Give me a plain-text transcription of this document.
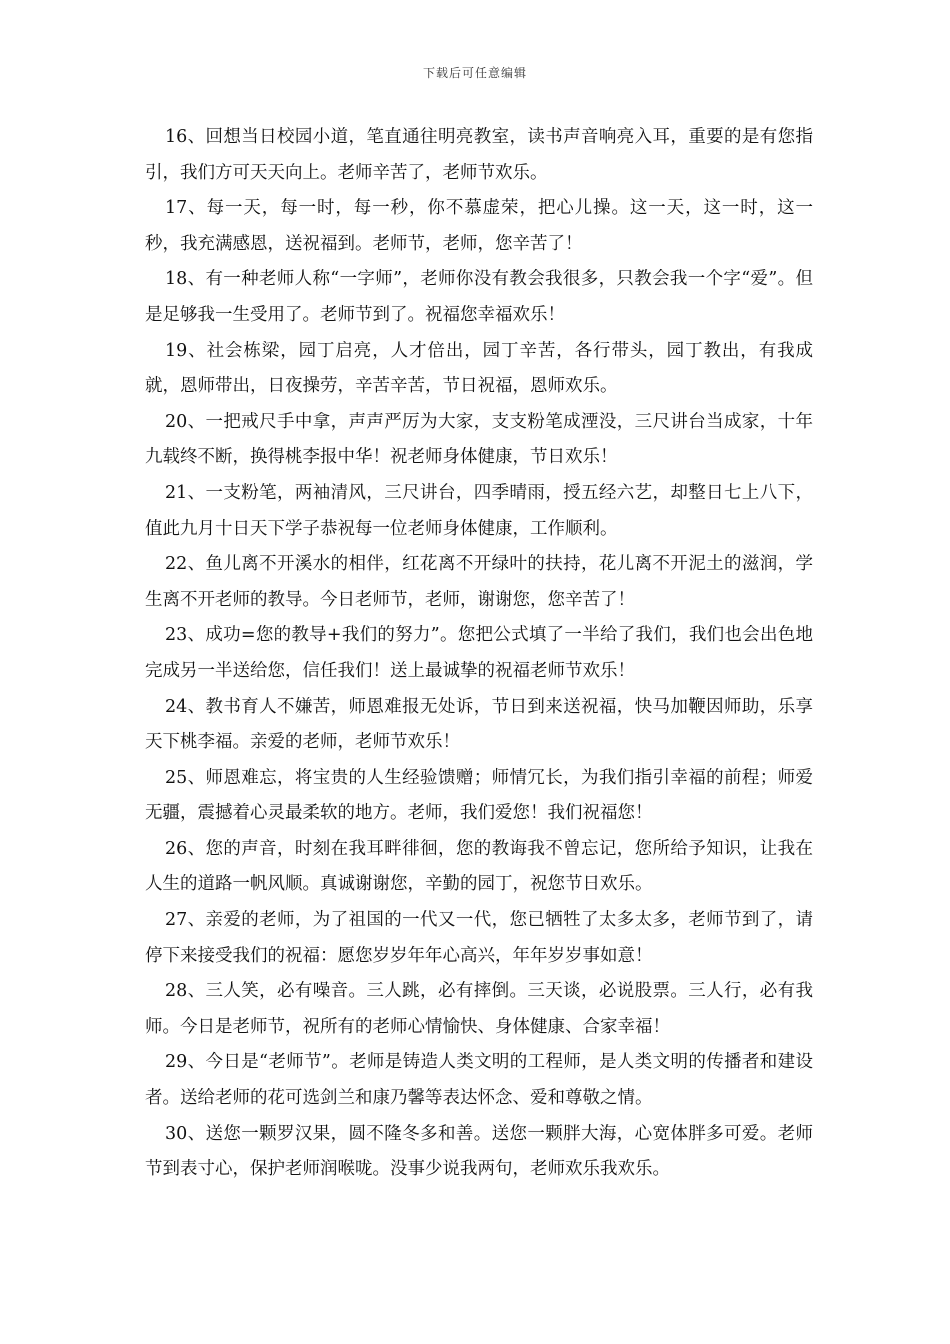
下载后可任意编辑

16、回想当日校园小道，笔直通往明亮教室，读书声音响亮入耳，重要的是有您指引，我们方可天天向上。老师辛苦了，老师节欢乐。

17、每一天，每一时，每一秒，你不慕虚荣，把心儿操。这一天，这一时，这一秒，我充满感恩，送祝福到。老师节，老师，您辛苦了！

18、有一种老师人称“一字师”，老师你没有教会我很多，只教会我一个字“爱”。但是足够我一生受用了。老师节到了。祝福您幸福欢乐！

19、社会栋梁，园丁启亮，人才倍出，园丁辛苦，各行带头，园丁教出，有我成就，恩师带出，日夜操劳，辛苦辛苦，节日祝福，恩师欢乐。

20、一把戒尺手中拿，声声严厉为大家，支支粉笔成湮没，三尺讲台当成家，十年九载终不断，换得桃李报中华！祝老师身体健康，节日欢乐！

21、一支粉笔，两袖清风，三尺讲台，四季晴雨，授五经六艺，却整日七上八下，值此九月十日天下学子恭祝每一位老师身体健康，工作顺利。

22、鱼儿离不开溪水的相伴，红花离不开绿叶的扶持，花儿离不开泥土的滋润，学生离不开老师的教导。今日老师节，老师，谢谢您，您辛苦了！

23、成功=您的教导+我们的努力”。您把公式填了一半给了我们，我们也会出色地完成另一半送给您，信任我们！送上最诚挚的祝福老师节欢乐！

24、教书育人不嫌苦，师恩难报无处诉，节日到来送祝福，快马加鞭因师助，乐享天下桃李福。亲爱的老师，老师节欢乐！

25、师恩难忘，将宝贵的人生经验馈赠；师情冗长，为我们指引幸福的前程；师爱无疆，震撼着心灵最柔软的地方。老师，我们爱您！我们祝福您！

26、您的声音，时刻在我耳畔徘徊，您的教诲我不曾忘记，您所给予知识，让我在人生的道路一帆风顺。真诚谢谢您，辛勤的园丁，祝您节日欢乐。

27、亲爱的老师，为了祖国的一代又一代，您已牺牲了太多太多，老师节到了，请停下来接受我们的祝福：愿您岁岁年年心高兴，年年岁岁事如意！

28、三人笑，必有噪音。三人跳，必有摔倒。三天谈，必说股票。三人行，必有我师。今日是老师节，祝所有的老师心情愉快、身体健康、合家幸福！

29、今日是“老师节”。老师是铸造人类文明的工程师，是人类文明的传播者和建设者。送给老师的花可选剑兰和康乃馨等表达怀念、爱和尊敬之情。

30、送您一颗罗汉果，圆不隆冬多和善。送您一颗胖大海，心宽体胖多可爱。老师节到表寸心，保护老师润喉咙。没事少说我两句，老师欢乐我欢乐。
